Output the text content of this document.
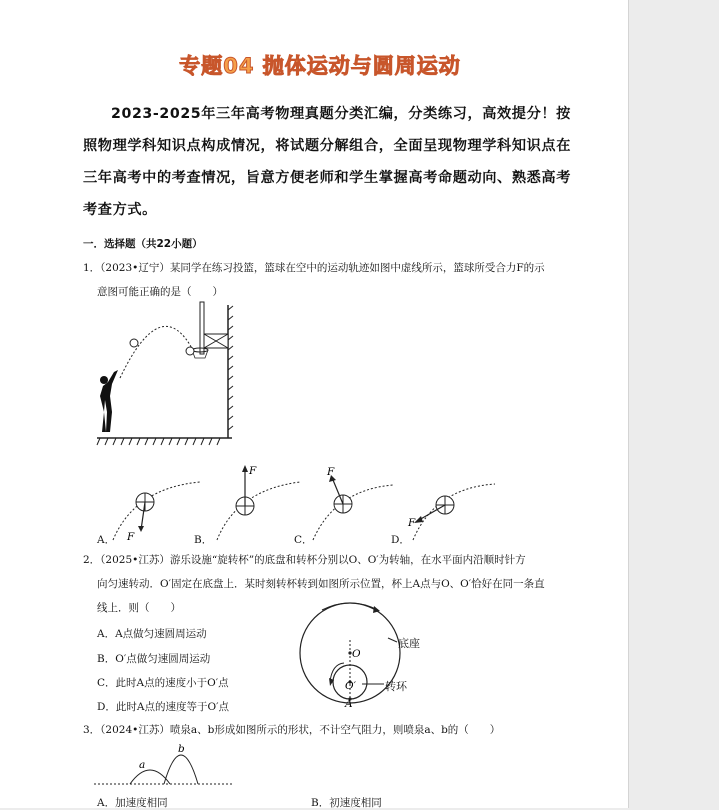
专题04 抛体运动与圆周运动
2023-2025年三年高考物理真题分类汇编，分类练习，高效提分！按照物理学科知识点构成情况，将试题分解组合，全面呈现物理学科知识点在三年高考中的考查情况，旨意方便老师和学生掌握高考命题动向、熟悉高考考查方式。
一．选择题（共22小题）
1．（2023•辽宁）某同学在练习投篮，篮球在空中的运动轨迹如图中虚线所示，篮球所受合力F的示
意图可能正确的是（　　）
F
F	F
F
A．	B．	C．	D．
2．（2025•江苏）游乐设施“旋转杯”的底盘和转杯分别以O、O′为转轴，在水平面内沿顺时针方
向匀速转动．O′固定在底盘上．某时刻转杯转到如图所示位置，杯上A点与O、O′恰好在同一条直
线上．则（　　）
A．A点做匀速圆周运动
B．O′点做匀速圆周运动
C．此时A点的速度小于O′点
D．此时A点的速度等于O′点
O
O′
A
底座
转环
3．（2024•江苏）喷泉a、b形成如图所示的形状，不计空气阻力，则喷泉a、b的（　　）
a
b
A．加速度相同	B．初速度相同
